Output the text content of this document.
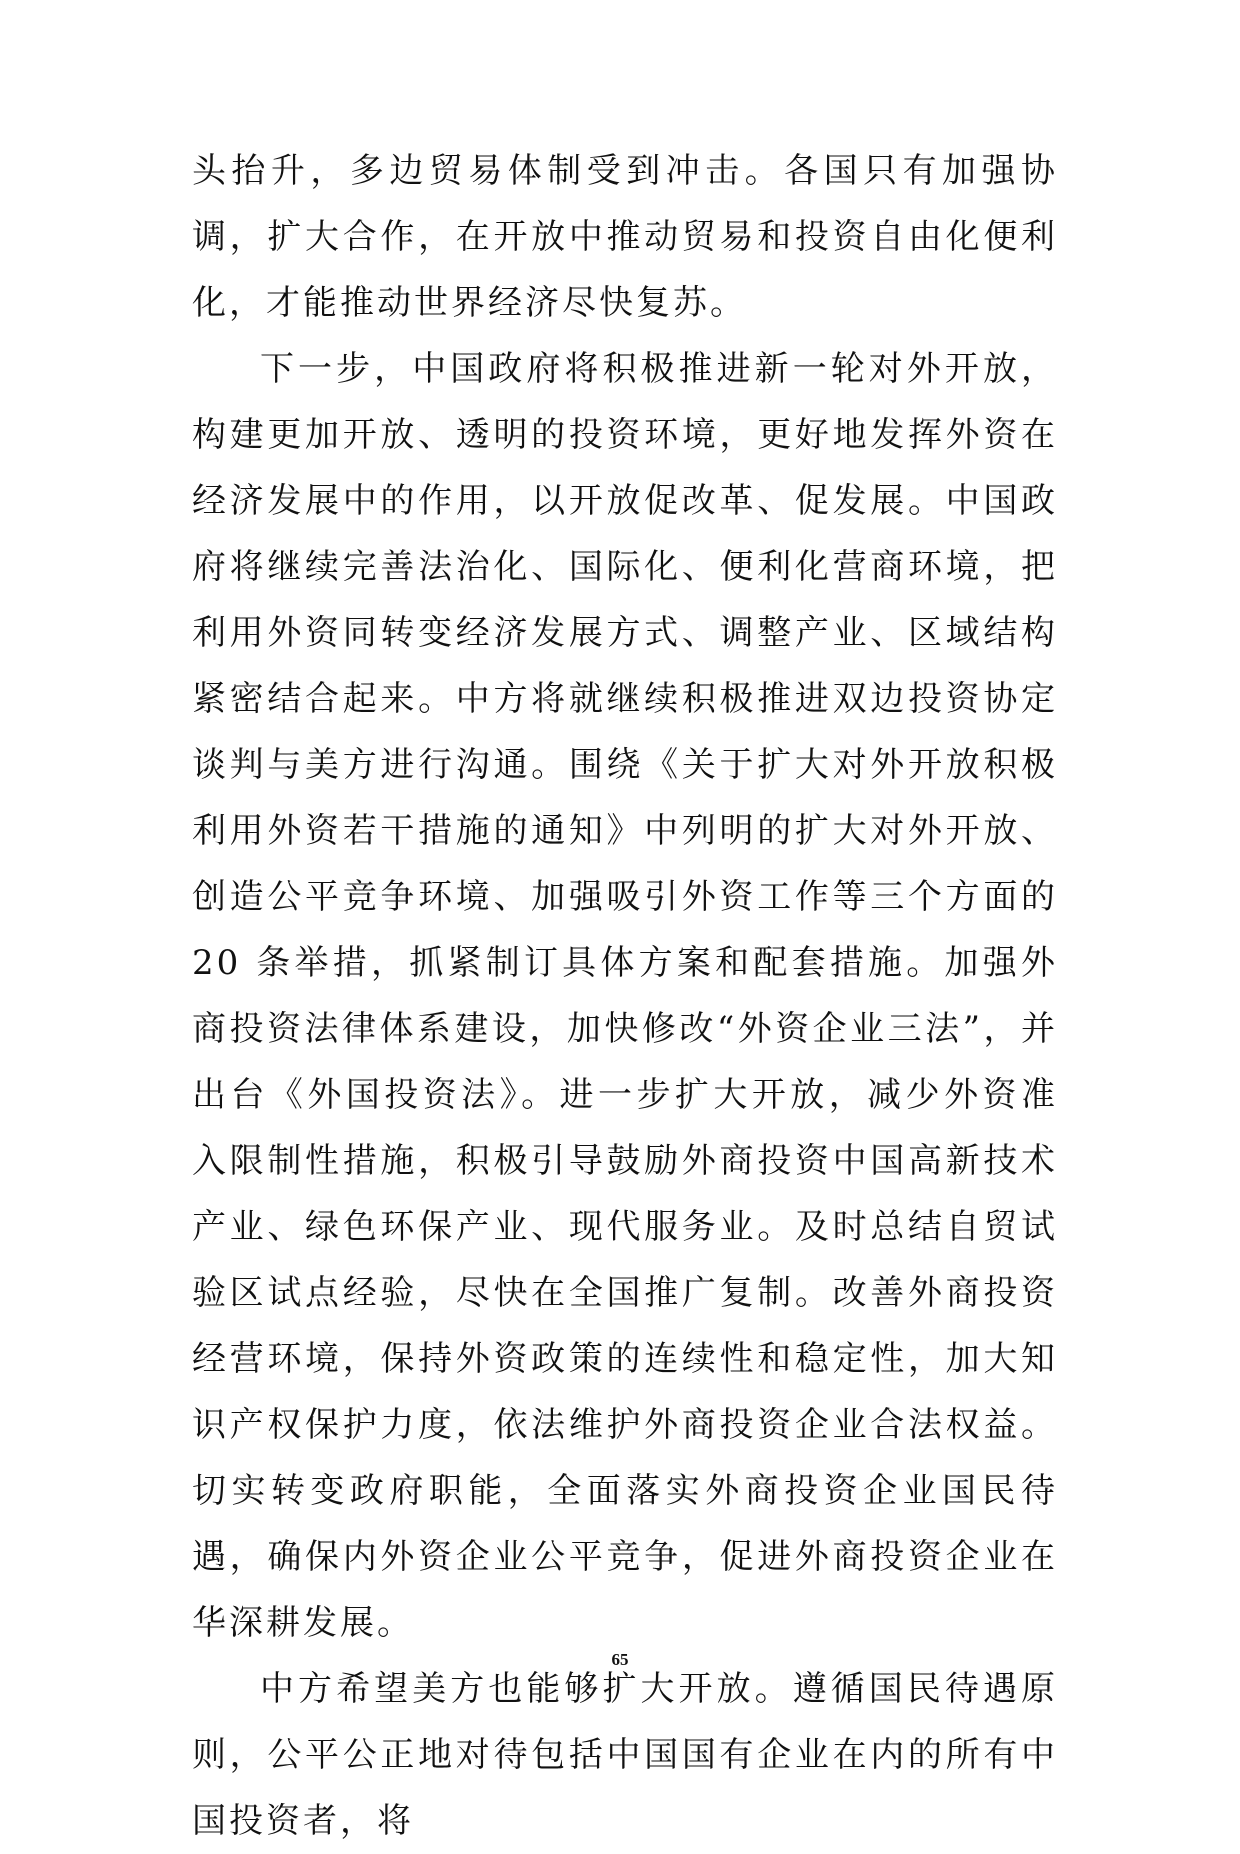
头抬升，多边贸易体制受到冲击。各国只有加强协调，扩大合作，在开放中推动贸易和投资自由化便利化，才能推动世界经济尽快复苏。

下一步，中国政府将积极推进新一轮对外开放，构建更加开放、透明的投资环境，更好地发挥外资在经济发展中的作用，以开放促改革、促发展。中国政府将继续完善法治化、国际化、便利化营商环境，把利用外资同转变经济发展方式、调整产业、区域结构紧密结合起来。中方将就继续积极推进双边投资协定谈判与美方进行沟通。围绕《关于扩大对外开放积极利用外资若干措施的通知》中列明的扩大对外开放、创造公平竞争环境、加强吸引外资工作等三个方面的 20 条举措，抓紧制订具体方案和配套措施。加强外商投资法律体系建设，加快修改“外资企业三法”，并出台《外国投资法》。进一步扩大开放，减少外资准入限制性措施，积极引导鼓励外商投资中国高新技术产业、绿色环保产业、现代服务业。及时总结自贸试验区试点经验，尽快在全国推广复制。改善外商投资经营环境，保持外资政策的连续性和稳定性，加大知识产权保护力度，依法维护外商投资企业合法权益。切实转变政府职能，全面落实外商投资企业国民待遇，确保内外资企业公平竞争，促进外商投资企业在华深耕发展。

中方希望美方也能够扩大开放。遵循国民待遇原则，公平公正地对待包括中国国有企业在内的所有中国投资者，将

65
